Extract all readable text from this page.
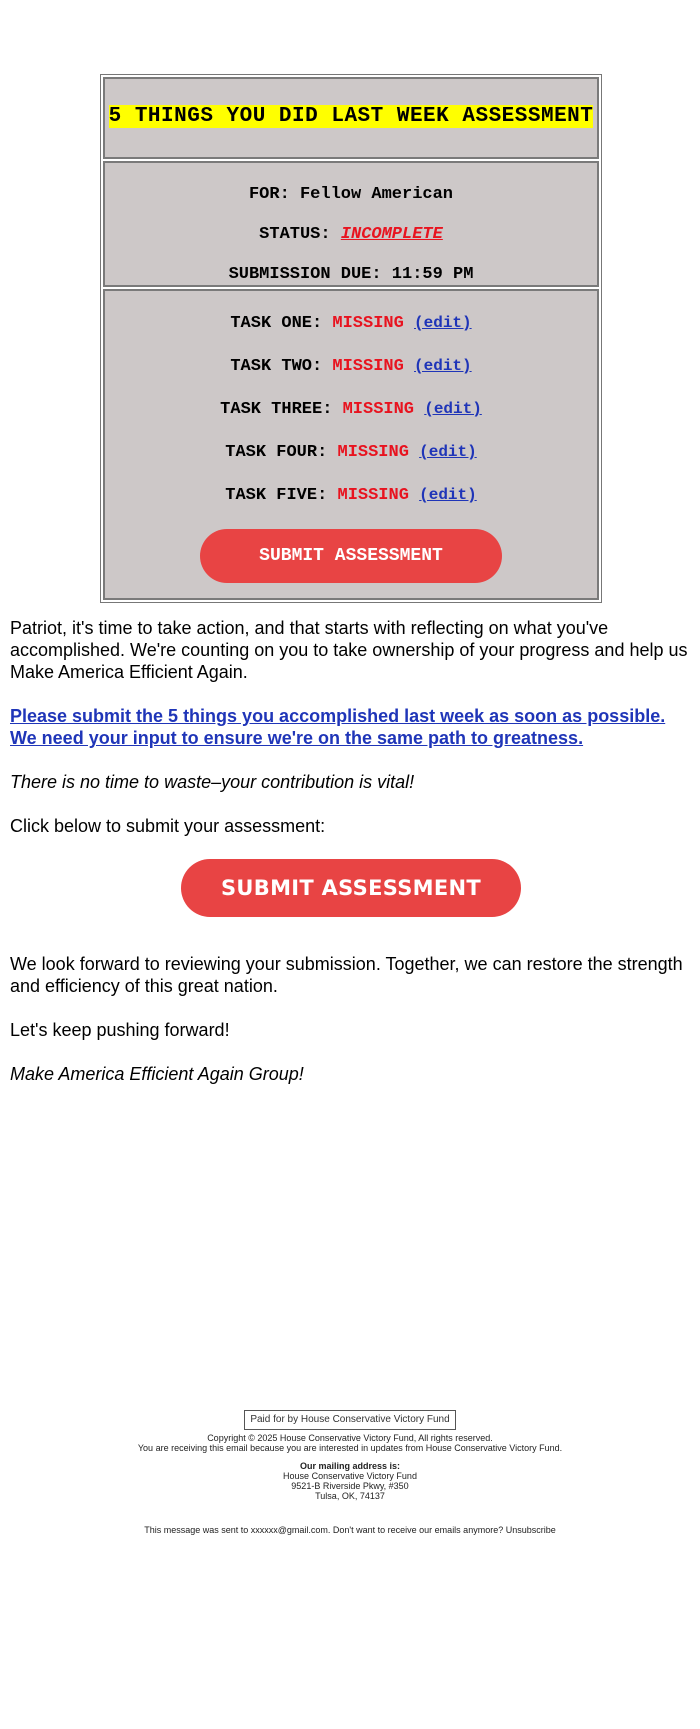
5 THINGS YOU DID LAST WEEK ASSESSMENT
FOR: Fellow American
STATUS: INCOMPLETE
SUBMISSION DUE: 11:59 PM
TASK ONE: MISSING (edit)
TASK TWO: MISSING (edit)
TASK THREE: MISSING (edit)
TASK FOUR: MISSING (edit)
TASK FIVE: MISSING (edit)
SUBMIT ASSESSMENT

Patriot, it's time to take action, and that starts with reflecting on what you've accomplished. We're counting on you to take ownership of your progress and help us Make America Efficient Again.

Please submit the 5 things you accomplished last week as soon as possible. We need your input to ensure we're on the same path to greatness.

There is no time to waste–your contribution is vital!

Click below to submit your assessment:

SUBMIT ASSESSMENT

We look forward to reviewing your submission. Together, we can restore the strength and efficiency of this great nation.

Let's keep pushing forward!

Make America Efficient Again Group!

Paid for by House Conservative Victory Fund

Copyright © 2025 House Conservative Victory Fund, All rights reserved.

You are receiving this email because you are interested in updates from House Conservative Victory Fund.

Our mailing address is:

House Conservative Victory Fund

9521-B Riverside Pkwy, #350

Tulsa, OK, 74137

This message was sent to xxxxxx@gmail.com. Don't want to receive our emails anymore? Unsubscribe
